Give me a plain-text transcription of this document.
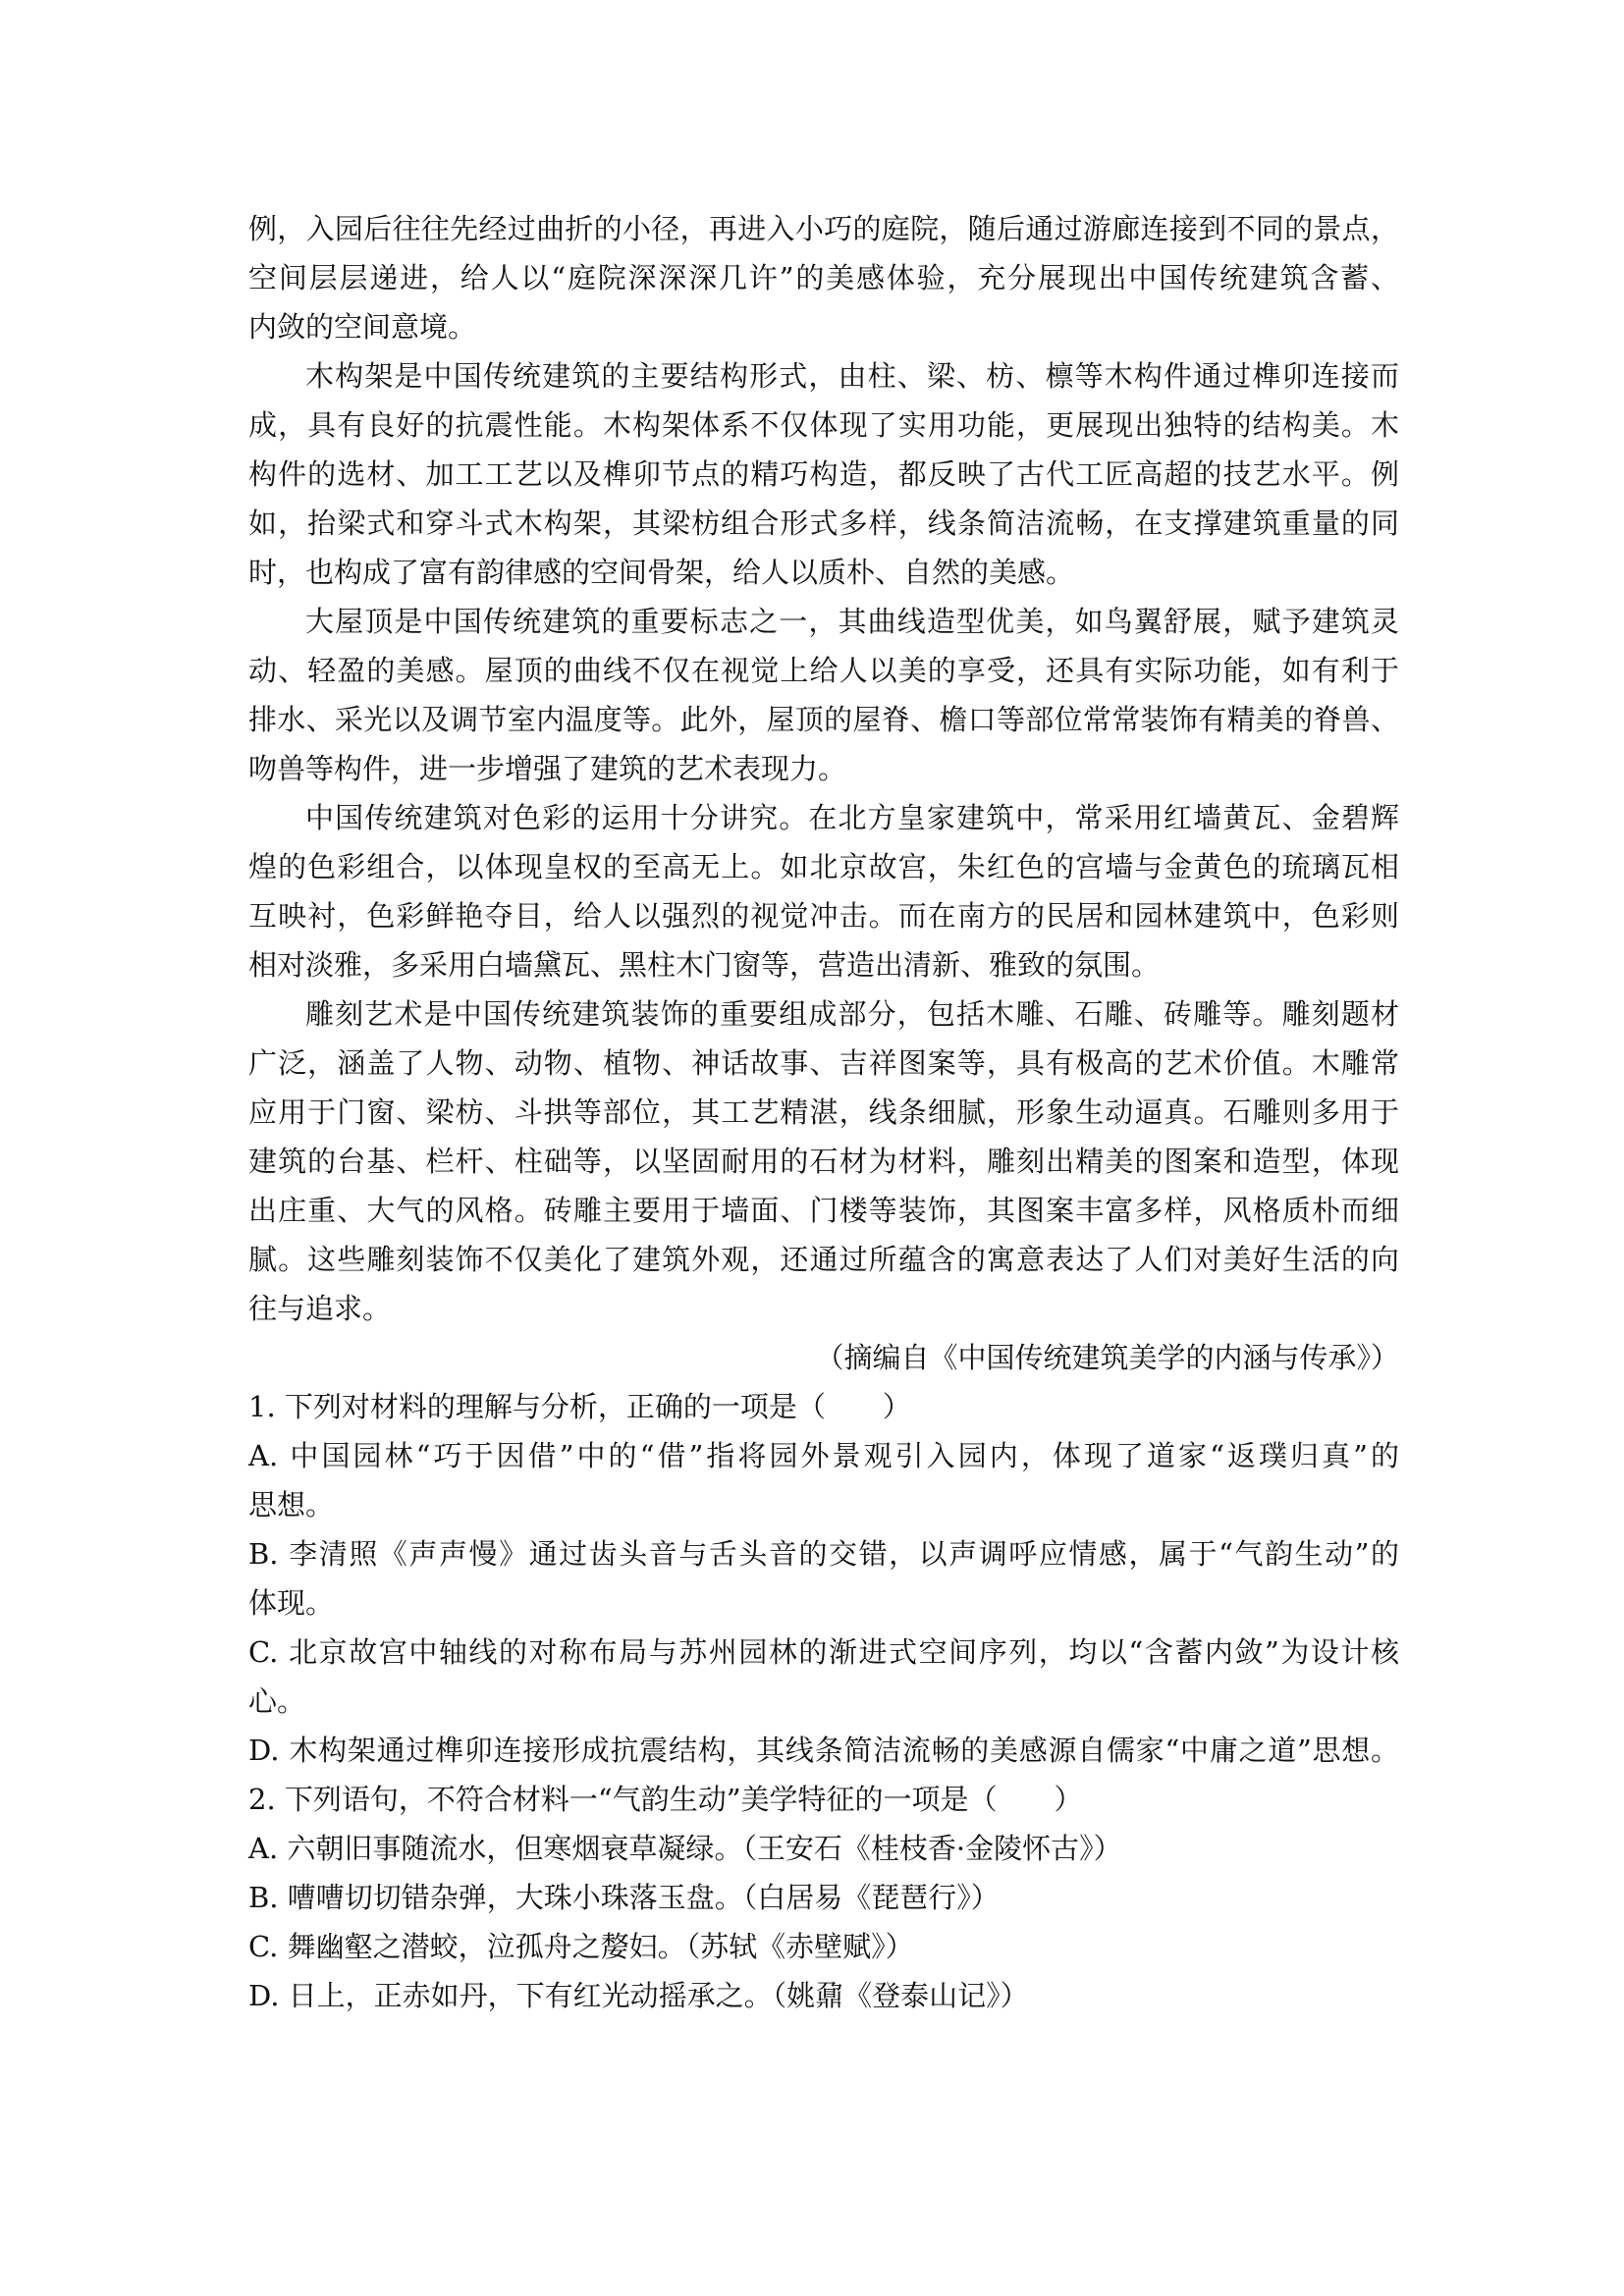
例，入园后往往先经过曲折的小径，再进入小巧的庭院，随后通过游廊连接到不同的景点，
空间层层递进，给人以“庭院深深深几许”的美感体验，充分展现出中国传统建筑含蓄、
内敛的空间意境。
木构架是中国传统建筑的主要结构形式，由柱、梁、枋、檩等木构件通过榫卯连接而
成，具有良好的抗震性能。木构架体系不仅体现了实用功能，更展现出独特的结构美。木
构件的选材、加工工艺以及榫卯节点的精巧构造，都反映了古代工匠高超的技艺水平。例
如，抬梁式和穿斗式木构架，其梁枋组合形式多样，线条简洁流畅，在支撑建筑重量的同
时，也构成了富有韵律感的空间骨架，给人以质朴、自然的美感。
大屋顶是中国传统建筑的重要标志之一，其曲线造型优美，如鸟翼舒展，赋予建筑灵
动、轻盈的美感。屋顶的曲线不仅在视觉上给人以美的享受，还具有实际功能，如有利于
排水、采光以及调节室内温度等。此外，屋顶的屋脊、檐口等部位常常装饰有精美的脊兽、
吻兽等构件，进一步增强了建筑的艺术表现力。
中国传统建筑对色彩的运用十分讲究。在北方皇家建筑中，常采用红墙黄瓦、金碧辉
煌的色彩组合，以体现皇权的至高无上。如北京故宫，朱红色的宫墙与金黄色的琉璃瓦相
互映衬，色彩鲜艳夺目，给人以强烈的视觉冲击。而在南方的民居和园林建筑中，色彩则
相对淡雅，多采用白墙黛瓦、黑柱木门窗等，营造出清新、雅致的氛围。
雕刻艺术是中国传统建筑装饰的重要组成部分，包括木雕、石雕、砖雕等。雕刻题材
广泛，涵盖了人物、动物、植物、神话故事、吉祥图案等，具有极高的艺术价值。木雕常
应用于门窗、梁枋、斗拱等部位，其工艺精湛，线条细腻，形象生动逼真。石雕则多用于
建筑的台基、栏杆、柱础等，以坚固耐用的石材为材料，雕刻出精美的图案和造型，体现
出庄重、大气的风格。砖雕主要用于墙面、门楼等装饰，其图案丰富多样，风格质朴而细
腻。这些雕刻装饰不仅美化了建筑外观，还通过所蕴含的寓意表达了人们对美好生活的向
往与追求。
（摘编自《中国传统建筑美学的内涵与传承》）
1. 下列对材料的理解与分析，正确的一项是（　　）
A. 中国园林“巧于因借”中的“借”指将园外景观引入园内，体现了道家“返璞归真”的
思想。
B. 李清照《声声慢》通过齿头音与舌头音的交错，以声调呼应情感，属于“气韵生动”的
体现。
C. 北京故宫中轴线的对称布局与苏州园林的渐进式空间序列，均以“含蓄内敛”为设计核
心。
D. 木构架通过榫卯连接形成抗震结构，其线条简洁流畅的美感源自儒家“中庸之道”思想。
2. 下列语句，不符合材料一“气韵生动”美学特征的一项是（　　）
A. 六朝旧事随流水，但寒烟衰草凝绿。（王安石《桂枝香·金陵怀古》）
B. 嘈嘈切切错杂弹，大珠小珠落玉盘。（白居易《琵琶行》）
C. 舞幽壑之潜蛟，泣孤舟之嫠妇。（苏轼《赤壁赋》）
D. 日上，正赤如丹，下有红光动摇承之。（姚鼐《登泰山记》）
